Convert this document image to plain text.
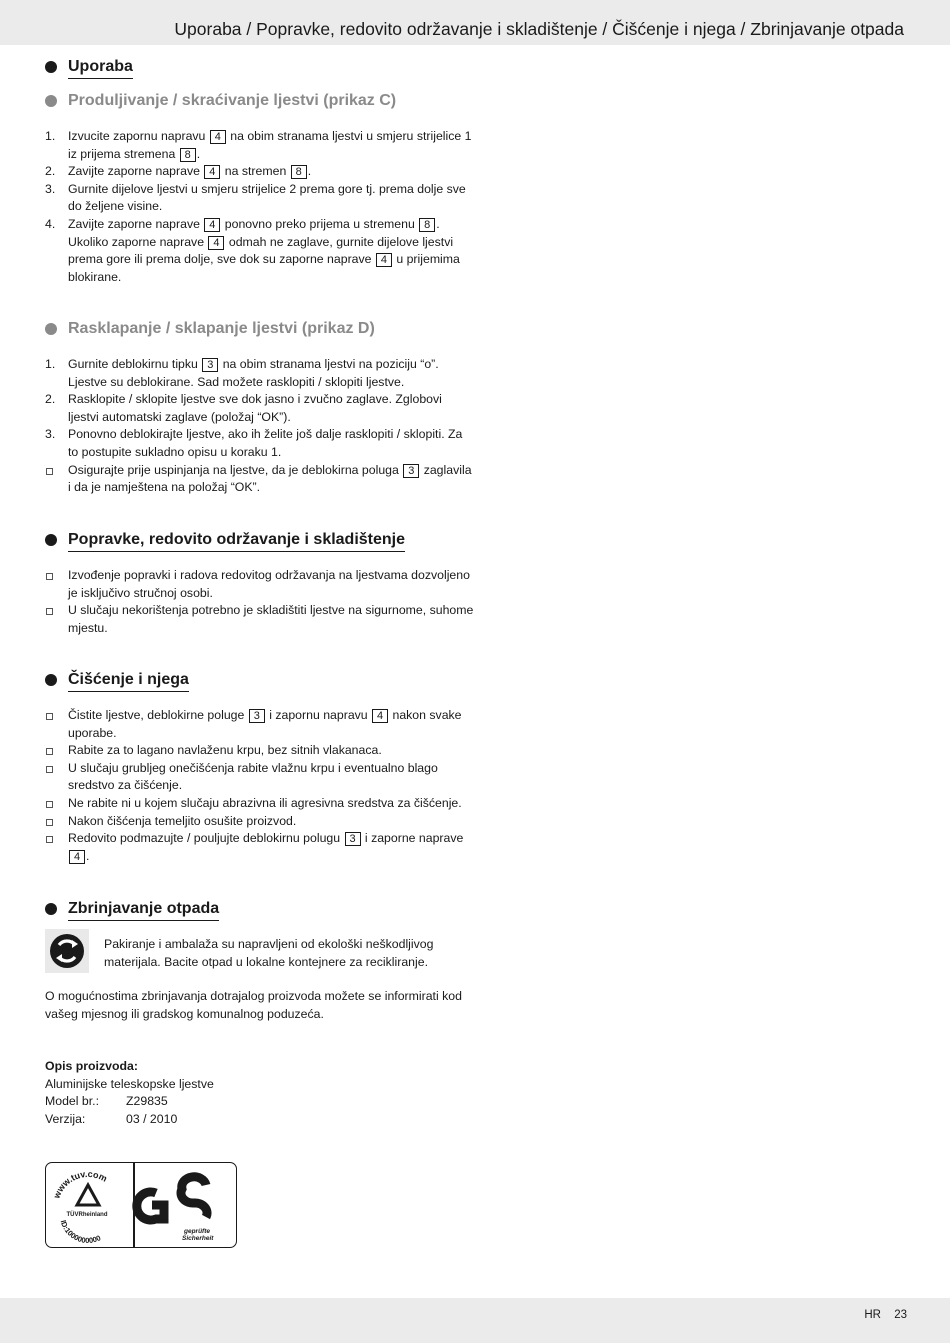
Uporaba / Popravke, redovito održavanje i skladištenje / Čišćenje i njega / Zbrinjavanje otpada
Uporaba
Produljivanje / skraćivanje ljestvi (prikaz C)
1. Izvucite zapornu napravu 4 na obim stranama ljestvi u smjeru strijelice 1 iz prijema stremena 8 .
2. Zavijte zaporne naprave 4 na stremen 8 .
3. Gurnite dijelove ljestvi u smjeru strijelice 2 prema gore tj. prema dolje sve do željene visine.
4. Zavijte zaporne naprave 4 ponovno preko prijema u stremenu 8 . Ukoliko zaporne naprave 4 odmah ne zaglave, gurnite dijelove ljestvi prema gore ili prema dolje, sve dok su zaporne naprave 4 u prijemima blokirane.
Rasklapanje / sklapanje ljestvi (prikaz D)
1. Gurnite deblokirnu tipku 3 na obim stranama ljestvi na poziciju “o”. Ljestve su deblokirane. Sad možete rasklopiti / sklopiti ljestve.
2. Rasklopite / sklopite ljestve sve dok jasno i zvučno zaglave. Zglobovi ljestvi automatski zaglave (položaj “OK”).
3. Ponovno deblokirajte ljestve, ako ih želite još dalje rasklopiti / sklopiti. Za to postupite sukladno opisu u koraku 1.
Osigurajte prije uspinjanja na ljestve, da je deblokirna poluga 3 zaglavila i da je namještena na položaj “OK”.
Popravke, redovito održavanje i skladištenje
Izvođenje popravki i radova redovitog održavanja na ljestvama dozvoljeno je isključivo stručnoj osobi.
U slučaju nekorištenja potrebno je skladištiti ljestve na sigurnome, suhome mjestu.
Čišćenje i njega
Čistite ljestve, deblokirne poluge 3 i zapornu napravu 4 nakon svake uporabe.
Rabite za to lagano navlaženu krpu, bez sitnih vlakanaca.
U slučaju grubljeg onečišćenja rabite vlažnu krpu i eventualno blago sredstvo za čišćenje.
Ne rabite ni u kojem slučaju abrazivna ili agresivna sredstva za čišćenje.
Nakon čišćenja temeljito osušite proizvod.
Redovito podmazujte / pouljujte deblokirnu polugu 3 i zaporne naprave 4 .
Zbrinjavanje otpada
Pakiranje i ambalaža su napravljeni od ekološki neškodljivog materijala. Bacite otpad u lokalne kontejnere za recikliranje.
O mogućnostima zbrinjavanja dotrajalog proizvoda možete se informirati kod vašeg mjesnog ili gradskog komunalnog poduzeća.
Opis proizvoda:
Aluminijske teleskopske ljestve
Model br.: Z29835
Verzija:	03 / 2010
www.tuv.com
TÜVRheinland
ID:1000000000
geprüfte
Sicherheit
HR 23
